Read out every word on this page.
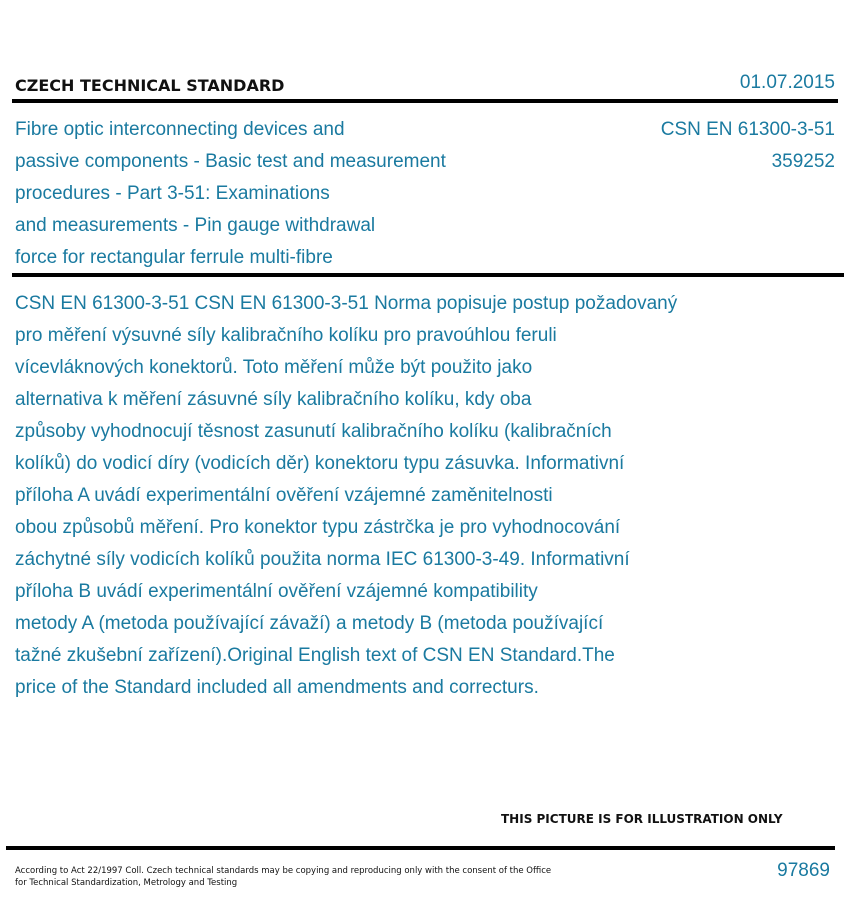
CZECH TECHNICAL STANDARD	01.07.2015
Fibre optic interconnecting devices and
passive components - Basic test and measurement
procedures - Part 3-51: Examinations
and measurements - Pin gauge withdrawal
force for rectangular ferrule multi-fibre
CSN EN 61300-3-51
359252
CSN EN 61300-3-51 CSN EN 61300-3-51 Norma popisuje postup požadovaný
pro měření výsuvné síly kalibračního kolíku pro pravoúhlou feruli
vícevláknových konektorů. Toto měření může být použito jako
alternativa k měření zásuvné síly kalibračního kolíku, kdy oba
způsoby vyhodnocují těsnost zasunutí kalibračního kolíku (kalibračních
kolíků) do vodicí díry (vodicích děr) konektoru typu zásuvka. Informativní
příloha A uvádí experimentální ověření vzájemné zaměnitelnosti
obou způsobů měření. Pro konektor typu zástrčka je pro vyhodnocování
záchytné síly vodicích kolíků použita norma IEC 61300-3-49. Informativní
příloha B uvádí experimentální ověření vzájemné kompatibility
metody A (metoda používající závaží) a metody B (metoda používající
tažné zkušební zařízení).Original English text of CSN EN Standard.The
price of the Standard included all amendments and correcturs.
THIS PICTURE IS FOR ILLUSTRATION ONLY
According to Act 22/1997 Coll. Czech technical standards may be copying and reproducing only with the consent of the Office
for Technical Standardization, Metrology and Testing
97869
